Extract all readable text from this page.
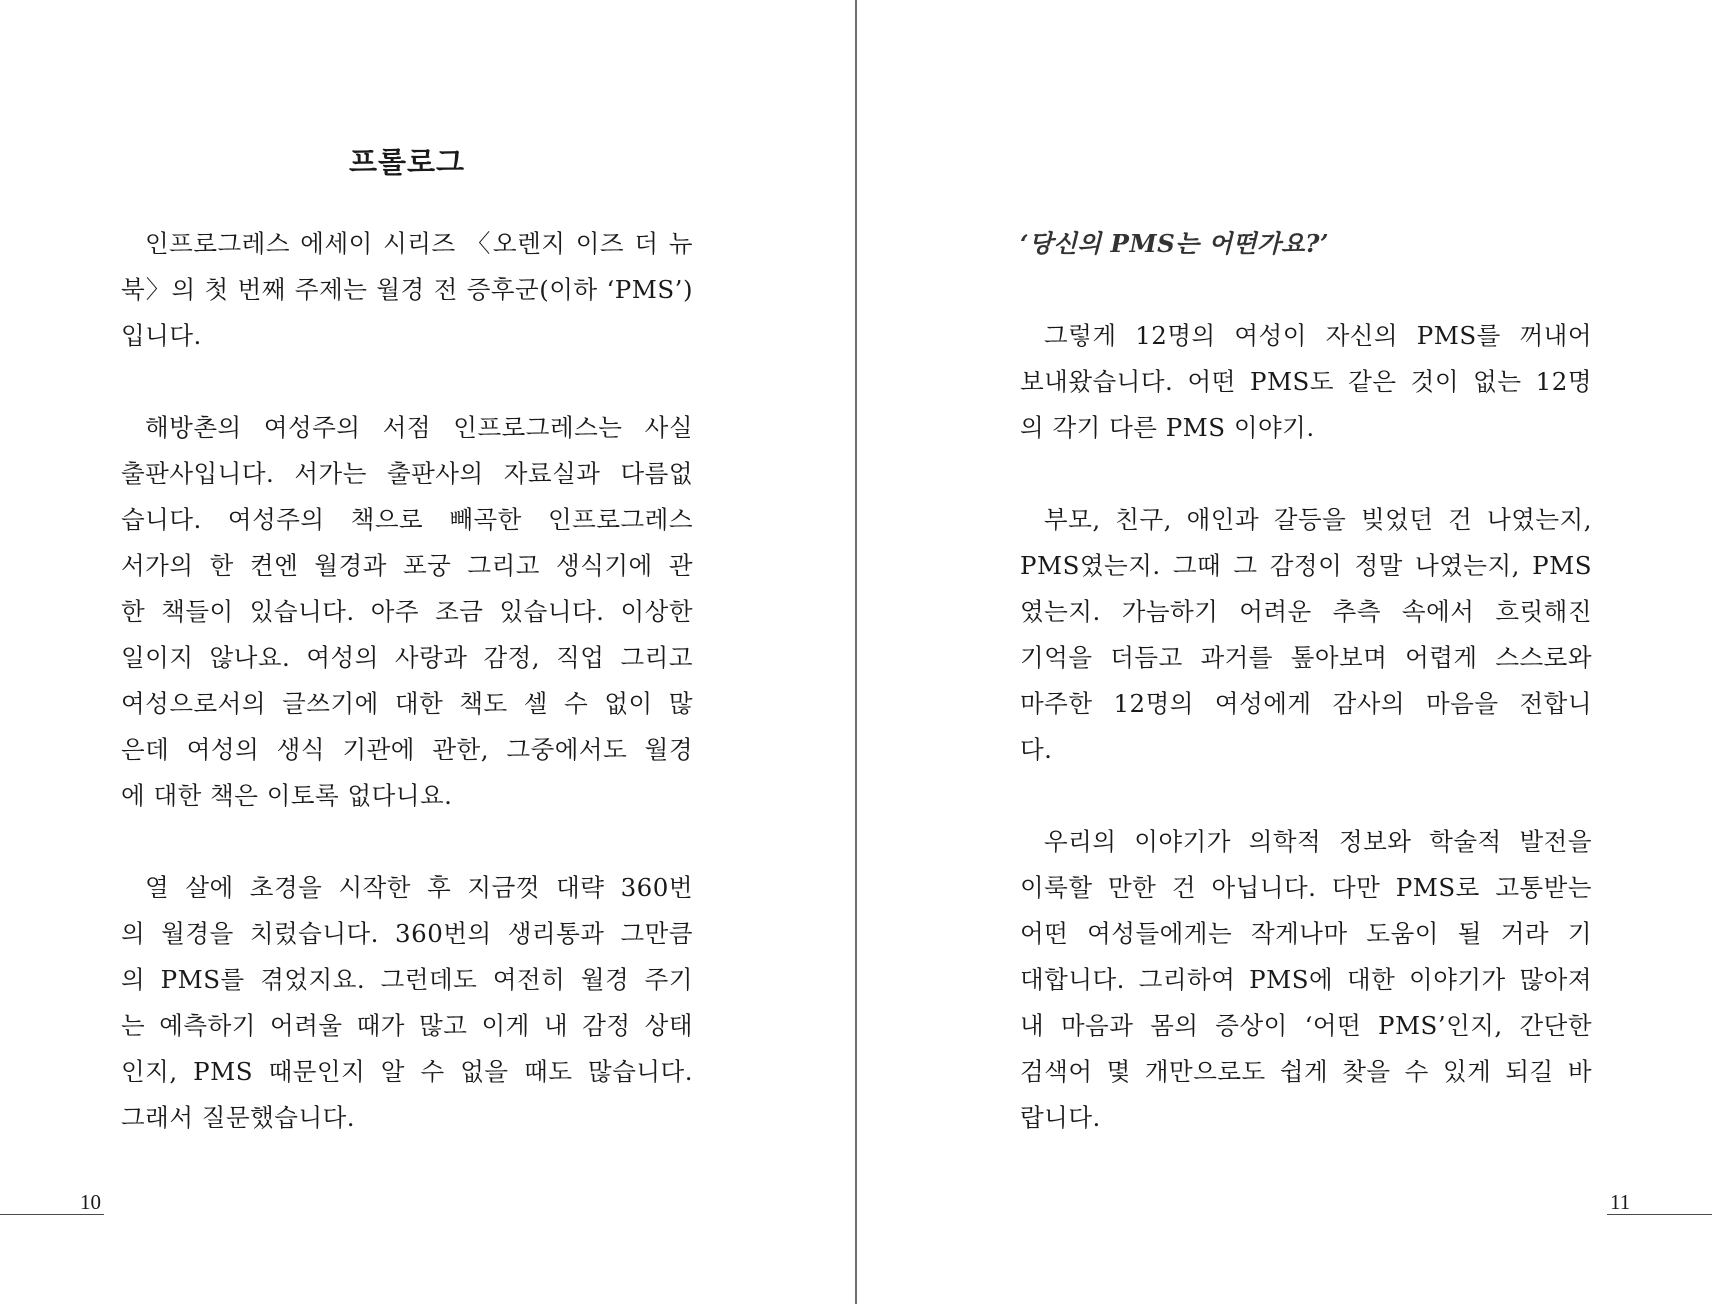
프롤로그
인프로그레스 에세이 시리즈 〈오렌지 이즈 더 뉴
북〉의 첫 번째 주제는 월경 전 증후군(이하 ‘PMS’)
입니다.
해방촌의 여성주의 서점 인프로그레스는 사실
출판사입니다. 서가는 출판사의 자료실과 다름없
습니다. 여성주의 책으로 빼곡한 인프로그레스
서가의 한 켠엔 월경과 포궁 그리고 생식기에 관
한 책들이 있습니다. 아주 조금 있습니다. 이상한
일이지 않나요. 여성의 사랑과 감정, 직업 그리고
여성으로서의 글쓰기에 대한 책도 셀 수 없이 많
은데 여성의 생식 기관에 관한, 그중에서도 월경
에 대한 책은 이토록 없다니요.
열 살에 초경을 시작한 후 지금껏 대략 360번
의 월경을 치렀습니다. 360번의 생리통과 그만큼
의 PMS를 겪었지요. 그런데도 여전히 월경 주기
는 예측하기 어려울 때가 많고 이게 내 감정 상태
인지, PMS 때문인지 알 수 없을 때도 많습니다.
그래서 질문했습니다.
10
‘당신의 PMS는 어떤가요?’
그렇게 12명의 여성이 자신의 PMS를 꺼내어
보내왔습니다. 어떤 PMS도 같은 것이 없는 12명
의 각기 다른 PMS 이야기.
부모, 친구, 애인과 갈등을 빚었던 건 나였는지,
PMS였는지. 그때 그 감정이 정말 나였는지, PMS
였는지. 가늠하기 어려운 추측 속에서 흐릿해진
기억을 더듬고 과거를 톺아보며 어렵게 스스로와
마주한 12명의 여성에게 감사의 마음을 전합니
다.
우리의 이야기가 의학적 정보와 학술적 발전을
이룩할 만한 건 아닙니다. 다만 PMS로 고통받는
어떤 여성들에게는 작게나마 도움이 될 거라 기
대합니다. 그리하여 PMS에 대한 이야기가 많아져
내 마음과 몸의 증상이 ‘어떤 PMS’인지, 간단한
검색어 몇 개만으로도 쉽게 찾을 수 있게 되길 바
랍니다.
11
